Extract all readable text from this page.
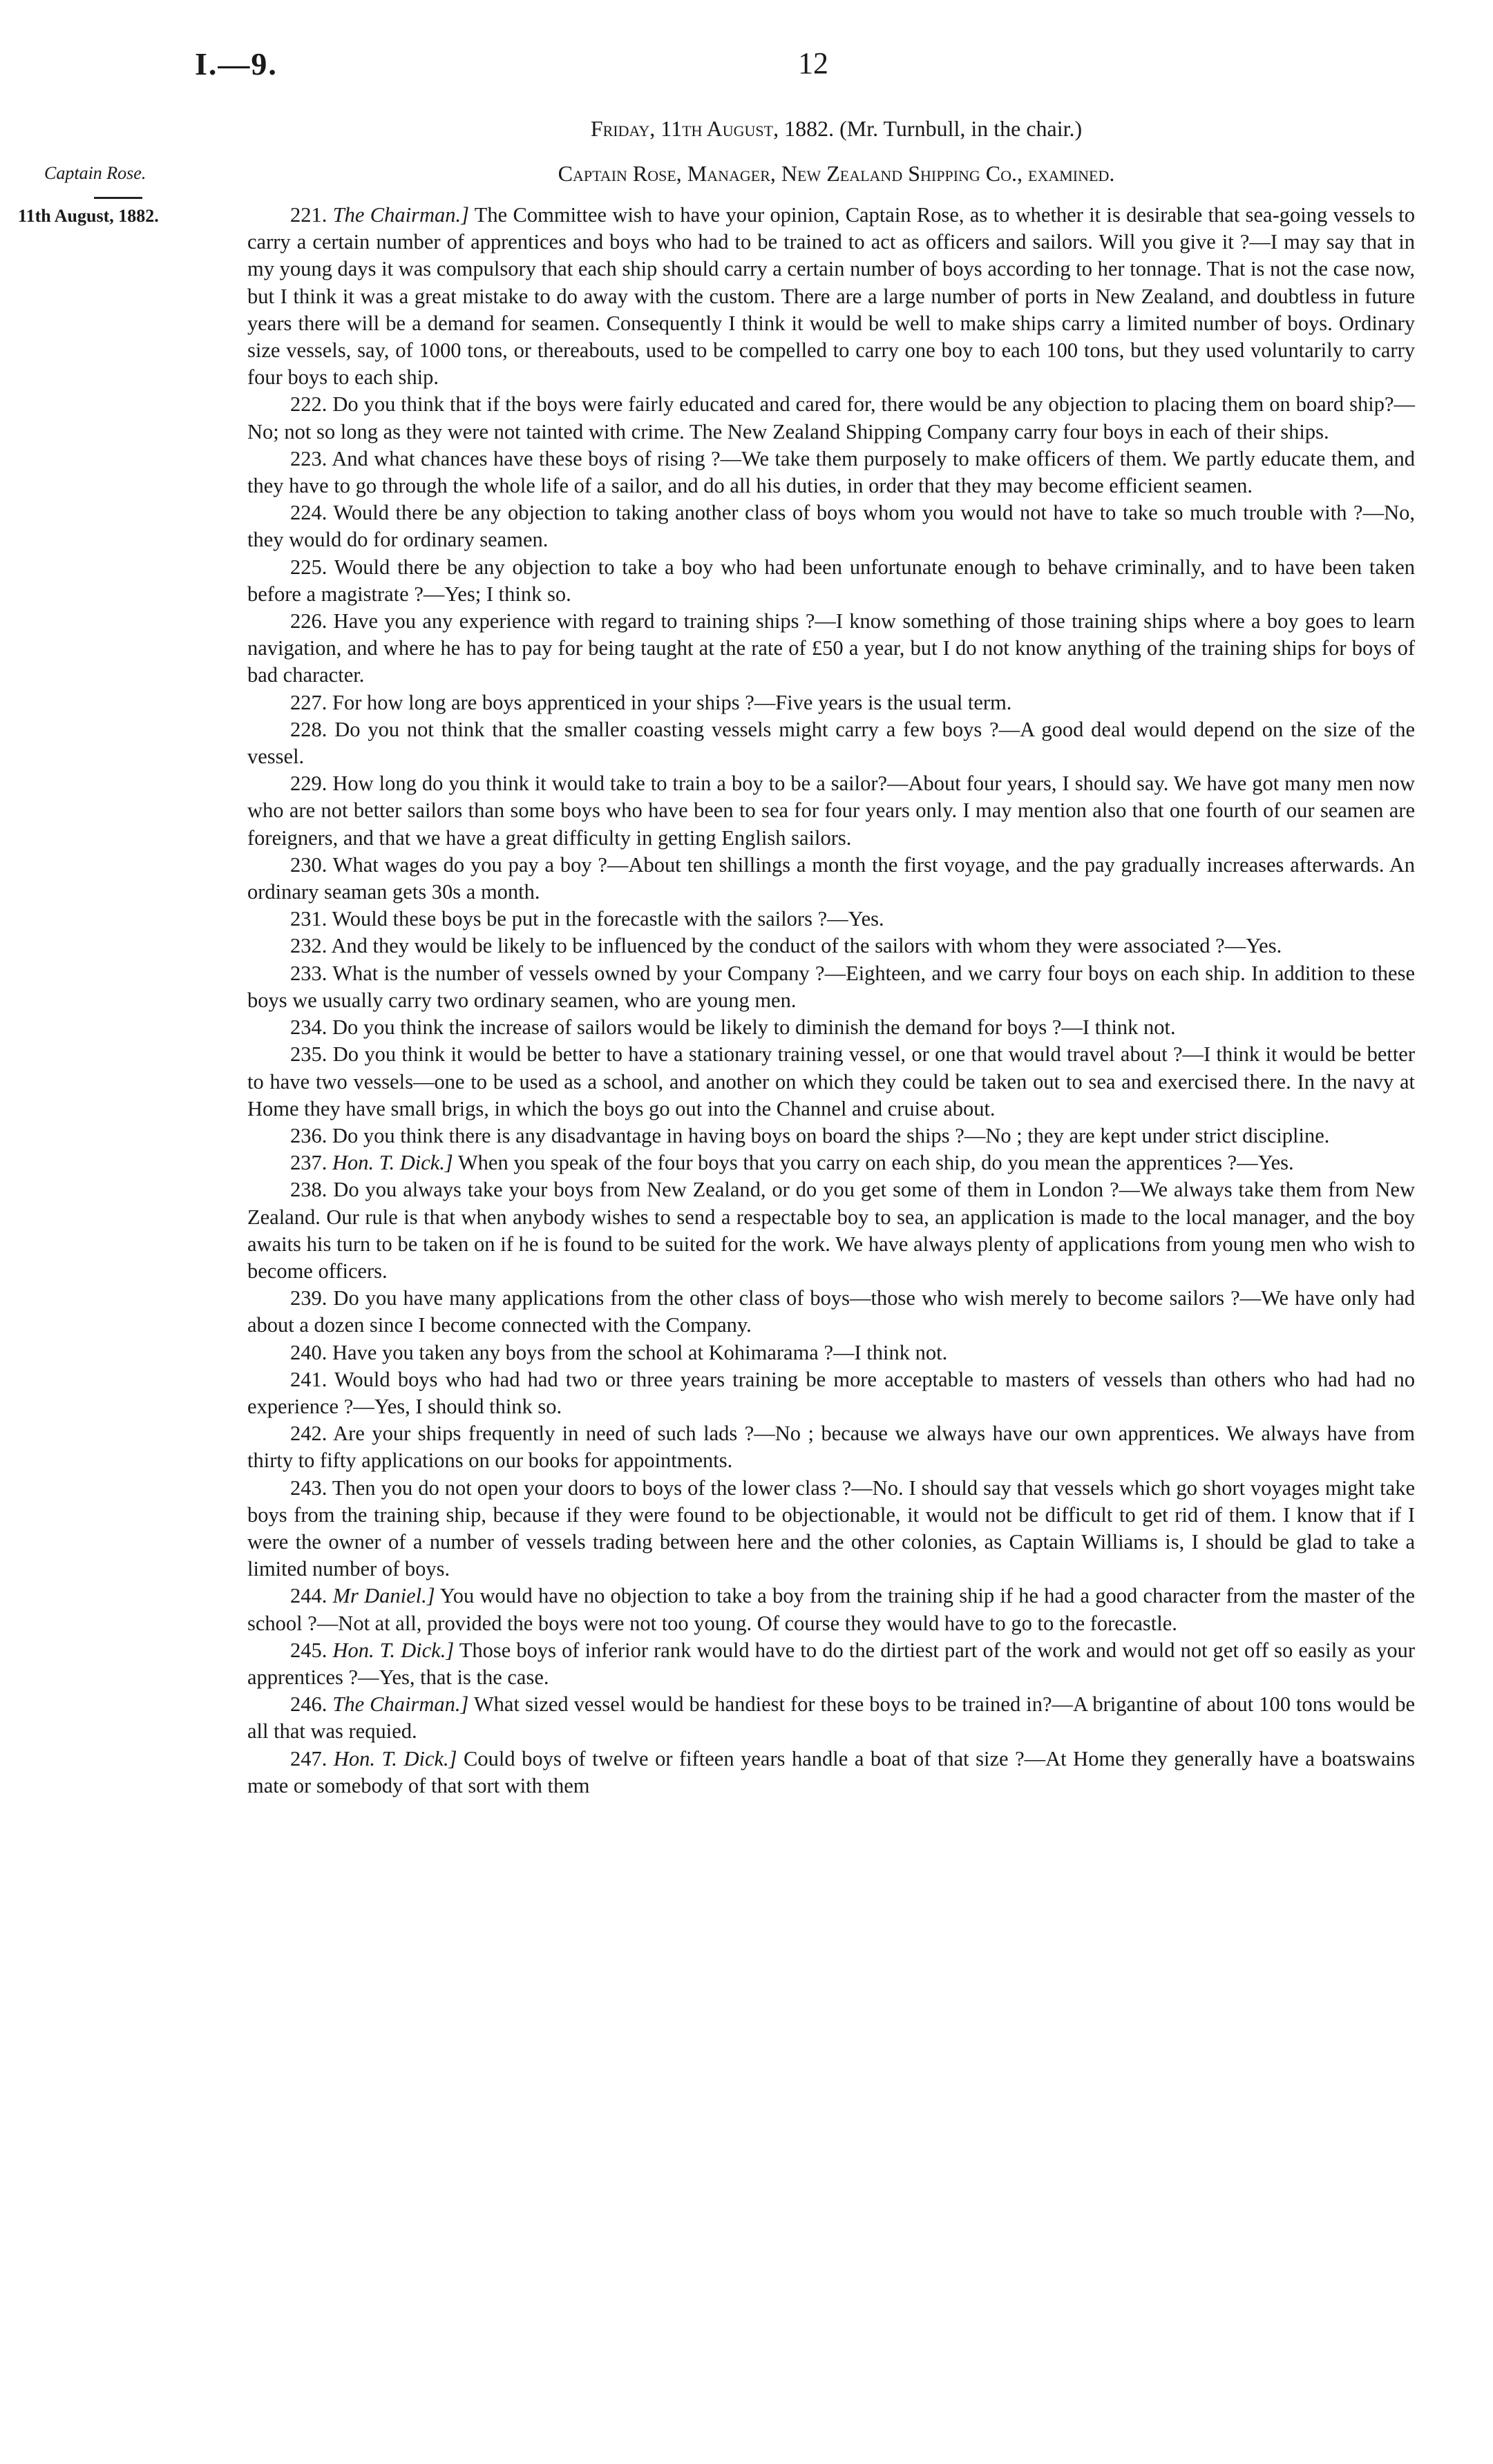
I.—9.	12
Friday, 11th August, 1882. (Mr. Turnbull, in the chair.)
Captain Rose, Manager, New Zealand Shipping Co., examined.
Captain Rose.
11th August, 1882.	221. The Chairman.] The Committee wish to have your opinion, Captain Rose, as to whether it is desirable that sea-going vessels to carry a certain number of apprentices and boys who had to be trained to act as officers and sailors. Will you give it ?—I may say that in my young days it was compulsory that each ship should carry a certain number of boys according to her tonnage. That is not the case now, but I think it was a great mistake to do away with the custom. There are a large number of ports in New Zealand, and doubtless in future years there will be a demand for seamen. Consequently I think it would be well to make ships carry a limited number of boys. Ordinary size vessels, say, of 1000 tons, or thereabouts, used to be compelled to carry one boy to each 100 tons, but they used voluntarily to carry four boys to each ship.

222. Do you think that if the boys were fairly educated and cared for, there would be any objection to placing them on board ship?—No; not so long as they were not tainted with crime. The New Zealand Shipping Company carry four boys in each of their ships.

223. And what chances have these boys of rising ?—We take them purposely to make officers of them. We partly educate them, and they have to go through the whole life of a sailor, and do all his duties, in order that they may become efficient seamen.

224. Would there be any objection to taking another class of boys whom you would not have to take so much trouble with ?—No, they would do for ordinary seamen.

225. Would there be any objection to take a boy who had been unfortunate enough to behave criminally, and to have been taken before a magistrate ?—Yes; I think so.

226. Have you any experience with regard to training ships ?—I know something of those training ships where a boy goes to learn navigation, and where he has to pay for being taught at the rate of £50 a year, but I do not know anything of the training ships for boys of bad character.

227. For how long are boys apprenticed in your ships ?—Five years is the usual term.

228. Do you not think that the smaller coasting vessels might carry a few boys ?—A good deal would depend on the size of the vessel.

229. How long do you think it would take to train a boy to be a sailor?—About four years, I should say. We have got many men now who are not better sailors than some boys who have been to sea for four years only. I may mention also that one fourth of our seamen are foreigners, and that we have a great difficulty in getting English sailors.

230. What wages do you pay a boy ?—About ten shillings a month the first voyage, and the pay gradually increases afterwards. An ordinary seaman gets 30s a month.

231. Would these boys be put in the forecastle with the sailors ?—Yes.

232. And they would be likely to be influenced by the conduct of the sailors with whom they were associated ?—Yes.

233. What is the number of vessels owned by your Company ?—Eighteen, and we carry four boys on each ship. In addition to these boys we usually carry two ordinary seamen, who are young men.

234. Do you think the increase of sailors would be likely to diminish the demand for boys ?—I think not.

235. Do you think it would be better to have a stationary training vessel, or one that would travel about ?—I think it would be better to have two vessels—one to be used as a school, and another on which they could be taken out to sea and exercised there. In the navy at Home they have small brigs, in which the boys go out into the Channel and cruise about.

236. Do you think there is any disadvantage in having boys on board the ships ?—No ; they are kept under strict discipline.

237. Hon. T. Dick.] When you speak of the four boys that you carry on each ship, do you mean the apprentices ?—Yes.

238. Do you always take your boys from New Zealand, or do you get some of them in London ?—We always take them from New Zealand. Our rule is that when anybody wishes to send a respectable boy to sea, an application is made to the local manager, and the boy awaits his turn to be taken on if he is found to be suited for the work. We have always plenty of applications from young men who wish to become officers.

239. Do you have many applications from the other class of boys—those who wish merely to become sailors ?—We have only had about a dozen since I become connected with the Company.

240. Have you taken any boys from the school at Kohimarama ?—I think not.

241. Would boys who had had two or three years training be more acceptable to masters of vessels than others who had had no experience ?—Yes, I should think so.

242. Are your ships frequently in need of such lads ?—No ; because we always have our own apprentices. We always have from thirty to fifty applications on our books for appointments.

243. Then you do not open your doors to boys of the lower class ?—No. I should say that vessels which go short voyages might take boys from the training ship, because if they were found to be objectionable, it would not be difficult to get rid of them. I know that if I were the owner of a number of vessels trading between here and the other colonies, as Captain Williams is, I should be glad to take a limited number of boys.

244. Mr Daniel.] You would have no objection to take a boy from the training ship if he had a good character from the master of the school ?—Not at all, provided the boys were not too young. Of course they would have to go to the forecastle.

245. Hon. T. Dick.] Those boys of inferior rank would have to do the dirtiest part of the work and would not get off so easily as your apprentices ?—Yes, that is the case.

246. The Chairman.] What sized vessel would be handiest for these boys to be trained in?—A brigantine of about 100 tons would be all that was requied.

247. Hon. T. Dick.] Could boys of twelve or fifteen years handle a boat of that size ?—At Home they generally have a boatswains mate or somebody of that sort with them
